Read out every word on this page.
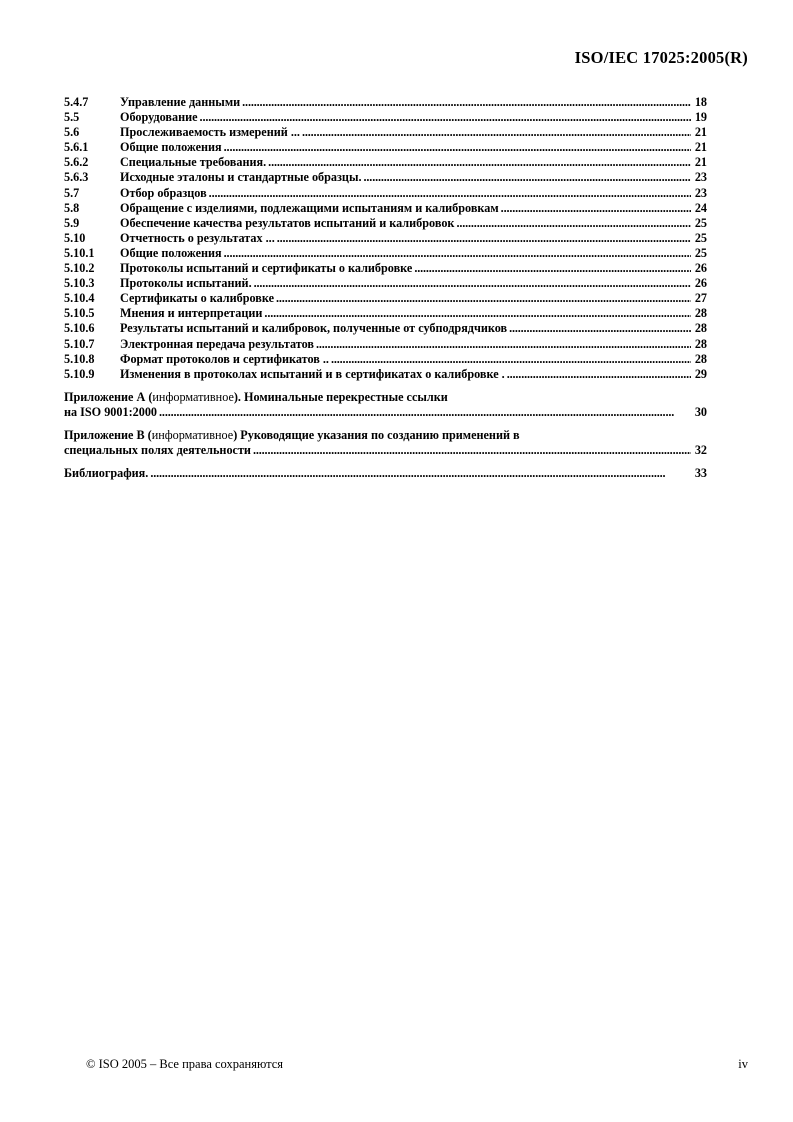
ISO/IEC 17025:2005(R)
5.4.7	Управление данными . . .	18
5.5	Оборудование . . .	19
5.6	Прослеживаемость измерений ... . . .	21
5.6.1	Общие положения . . .	21
5.6.2	Специальные требования. . . .	21
5.6.3	Исходные эталоны и стандартные образцы. . . .	23
5.7	Отбор образцов . . .	23
5.8	Обращение с изделиями, подлежащими испытаниям и калибровкам . . .	24
5.9	Обеспечение качества результатов испытаний и калибровок . . .	25
5.10	Отчетность о результатах ... . . .	25
5.10.1	Общие положения . . .	25
5.10.2	Протоколы испытаний и сертификаты о калибровке . . .	26
5.10.3	Протоколы испытаний. . . .	26
5.10.4	Сертификаты о калибровке . . .	27
5.10.5	Мнения и интерпретации . . .	28
5.10.6	Результаты испытаний и калибровок, полученные от субподрядчиков . . .	28
5.10.7	Электронная передача результатов . . .	28
5.10.8	Формат протоколов и сертификатов .. . . .	28
5.10.9	Изменения в протоколах испытаний и в сертификатах о калибровке . . . .	29
Приложение А (информативное). Номинальные перекрестные ссылки
на ISO 9001:2000 . . .	30
Приложение В (информативное) Руководящие указания по созданию применений в
специальных полях деятельности . . .	32
Библиография. . . .	33
© ISO 2005 – Все права сохраняются	iv
